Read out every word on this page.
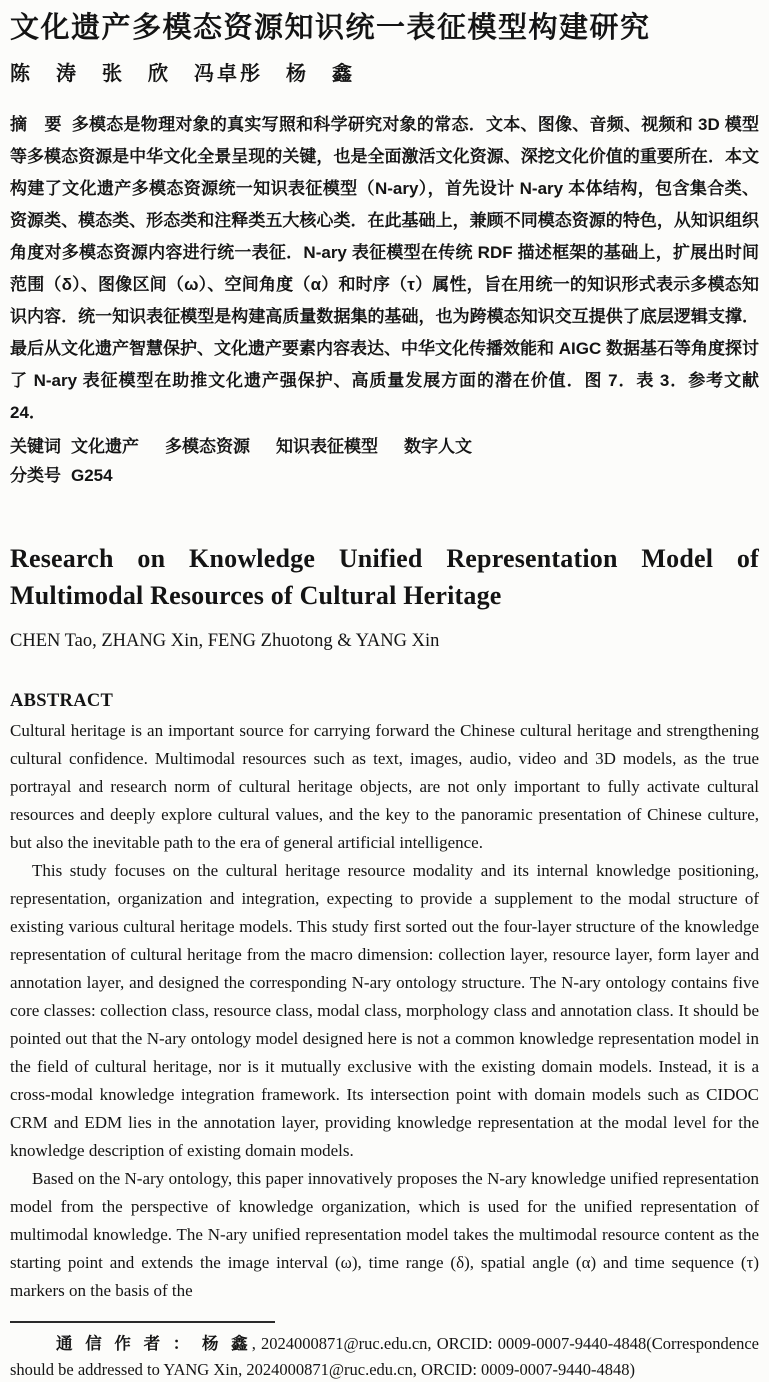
文化遗产多模态资源知识统一表征模型构建研究
陈　涛　张　欣　冯卓彤　杨　鑫

摘　要 多模态是物理对象的真实写照和科学研究对象的常态．文本、图像、音频、视频和 3D 模型等多模态资源是中华文化全景呈现的关键，也是全面激活文化资源、深挖文化价值的重要所在．本文构建了文化遗产多模态资源统一知识表征模型（N-ary），首先设计 N-ary 本体结构，包含集合类、资源类、模态类、形态类和注释类五大核心类．在此基础上，兼顾不同模态资源的特色，从知识组织角度对多模态资源内容进行统一表征．N-ary 表征模型在传统 RDF 描述框架的基础上，扩展出时间范围（δ）、图像区间（ω）、空间角度（α）和时序（τ）属性，旨在用统一的知识形式表示多模态知识内容．统一知识表征模型是构建高质量数据集的基础，也为跨模态知识交互提供了底层逻辑支撑．最后从文化遗产智慧保护、文化遗产要素内容表达、中华文化传播效能和 AIGC 数据基石等角度探讨了 N-ary 表征模型在助推文化遗产强保护、高质量发展方面的潜在价值．图 7．表 3．参考文献 24．

关键词 文化遗产 多模态资源 知识表征模型 数字人文
分类号 G254
Research on Knowledge Unified Representation Model of Multimodal Resources of Cultural Heritage
CHEN Tao, ZHANG Xin, FENG Zhuotong & YANG Xin
ABSTRACT

Cultural heritage is an important source for carrying forward the Chinese cultural heritage and strengthening cultural confidence. Multimodal resources such as text, images, audio, video and 3D models, as the true portrayal and research norm of cultural heritage objects, are not only important to fully activate cultural resources and deeply explore cultural values, and the key to the panoramic presentation of Chinese culture, but also the inevitable path to the era of general artificial intelligence.

This study focuses on the cultural heritage resource modality and its internal knowledge positioning, representation, organization and integration, expecting to provide a supplement to the modal structure of existing various cultural heritage models. This study first sorted out the four-layer structure of the knowledge representation of cultural heritage from the macro dimension: collection layer, resource layer, form layer and annotation layer, and designed the corresponding N-ary ontology structure. The N-ary ontology contains five core classes: collection class, resource class, modal class, morphology class and annotation class. It should be pointed out that the N-ary ontology model designed here is not a common knowledge representation model in the field of cultural heritage, nor is it mutually exclusive with the existing domain models. Instead, it is a cross-modal knowledge integration framework. Its intersection point with domain models such as CIDOC CRM and EDM lies in the annotation layer, providing knowledge representation at the modal level for the knowledge description of existing domain models.

Based on the N-ary ontology, this paper innovatively proposes the N-ary knowledge unified representation model from the perspective of knowledge organization, which is used for the unified representation of multimodal knowledge. The N-ary unified representation model takes the multimodal resource content as the starting point and extends the image interval (ω), time range (δ), spatial angle (α) and time sequence (τ) markers on the basis of the

通 信 作 者 ： 杨 鑫, 2024000871@ruc.edu.cn, ORCID: 0009-0007-9440-4848(Correspondence should be addressed to YANG Xin, 2024000871@ruc.edu.cn, ORCID: 0009-0007-9440-4848)
